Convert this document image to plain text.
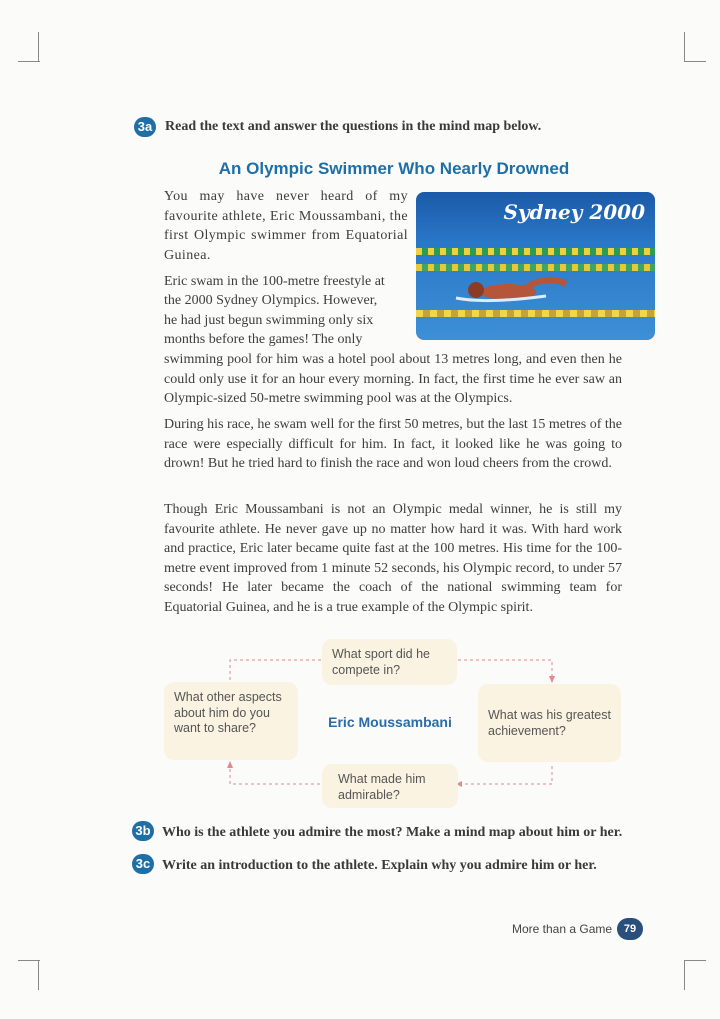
3a Read the text and answer the questions in the mind map below.
An Olympic Swimmer Who Nearly Drowned
Sydney 2000

You may have never heard of my favourite athlete, Eric Moussambani, the first Olympic swimmer from Equatorial Guinea.

Eric swam in the 100-metre freestyle at

the 2000 Sydney Olympics. However,

he had just begun swimming only six

months before the games! The only

swimming pool for him was a hotel pool about 13 metres long, and even then he could only use it for an hour every morning. In fact, the first time he ever saw an Olympic-sized 50-metre swimming pool was at the Olympics.

During his race, he swam well for the first 50 metres, but the last 15 metres of the race were especially difficult for him. In fact, it looked like he was going to drown! But he tried hard to finish the race and won loud cheers from the crowd.

Though Eric Moussambani is not an Olympic medal winner, he is still my favourite athlete. He never gave up no matter how hard it was. With hard work and practice, Eric later became quite fast at the 100 metres. His time for the 100-metre event improved from 1 minute 52 seconds, his Olympic record, to under 57 seconds! He later became the coach of the national swimming team for Equatorial Guinea, and he is a true example of the Olympic spirit.

What sport did he compete in?
What other aspects about him do you want to share?
What was his greatest achievement?
What made him admirable?
Eric Moussambani
3b Who is the athlete you admire the most? Make a mind map about him or her.
3c Write an introduction to the athlete. Explain why you admire him or her.
More than a Game	79
